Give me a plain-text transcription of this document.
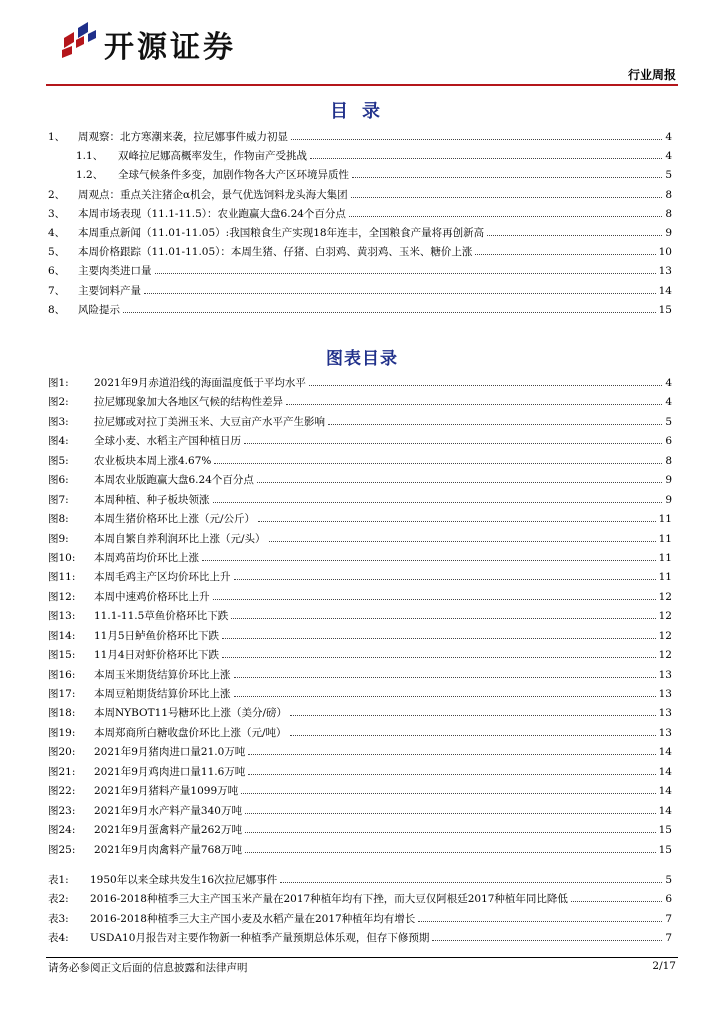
开源证券
行业周报
目录
1、	周观察：北方寒潮来袭，拉尼娜事件威力初显	4
1.1、	双峰拉尼娜高概率发生，作物亩产受挑战	4
1.2、	全球气候条件多变，加剧作物各大产区环境异质性	5
2、	周观点：重点关注猪企α机会，景气优选饲料龙头海大集团	8
3、	本周市场表现（11.1-11.5）：农业跑赢大盘6.24个百分点	8
4、	本周重点新闻（11.01-11.05）:我国粮食生产实现18年连丰，全国粮食产量将再创新高	9
5、	本周价格跟踪（11.01-11.05）：本周生猪、仔猪、白羽鸡、黄羽鸡、玉米、糖价上涨	10
6、	主要肉类进口量	13
7、	主要饲料产量	14
8、	风险提示	15
图表目录
图1:	2021年9月赤道沿线的海面温度低于平均水平	4
图2:	拉尼娜现象加大各地区气候的结构性差异	4
图3:	拉尼娜或对拉丁美洲玉米、大豆亩产水平产生影响	5
图4:	全球小麦、水稻主产国种植日历	6
图5:	农业板块本周上涨4.67%	8
图6:	本周农业版跑赢大盘6.24个百分点	9
图7:	本周种植、种子板块领涨	9
图8:	本周生猪价格环比上涨（元/公斤）	11
图9:	本周自繁自养利润环比上涨（元/头）	11
图10:	本周鸡苗均价环比上涨	11
图11:	本周毛鸡主产区均价环比上升	11
图12:	本周中速鸡价格环比上升	12
图13:	11.1-11.5草鱼价格环比下跌	12
图14:	11月5日鲈鱼价格环比下跌	12
图15:	11月4日对虾价格环比下跌	12
图16:	本周玉米期货结算价环比上涨	13
图17:	本周豆粕期货结算价环比上涨	13
图18:	本周NYBOT11号糖环比上涨（美分/磅）	13
图19:	本周郑商所白糖收盘价环比上涨（元/吨）	13
图20:	2021年9月猪肉进口量21.0万吨	14
图21:	2021年9月鸡肉进口量11.6万吨	14
图22:	2021年9月猪料产量1099万吨	14
图23:	2021年9月水产料产量340万吨	14
图24:	2021年9月蛋禽料产量262万吨	15
图25:	2021年9月肉禽料产量768万吨	15
表1:	1950年以来全球共发生16次拉尼娜事件	5
表2:	2016-2018种植季三大主产国玉米产量在2017种植年均有下挫，而大豆仅阿根廷2017种植年同比降低	6
表3:	2016-2018种植季三大主产国小麦及水稻产量在2017种植年均有增长	7
表4:	USDA10月报告对主要作物新一种植季产量预期总体乐观，但存下修预期	7
请务必参阅正文后面的信息披露和法律声明	2/17
